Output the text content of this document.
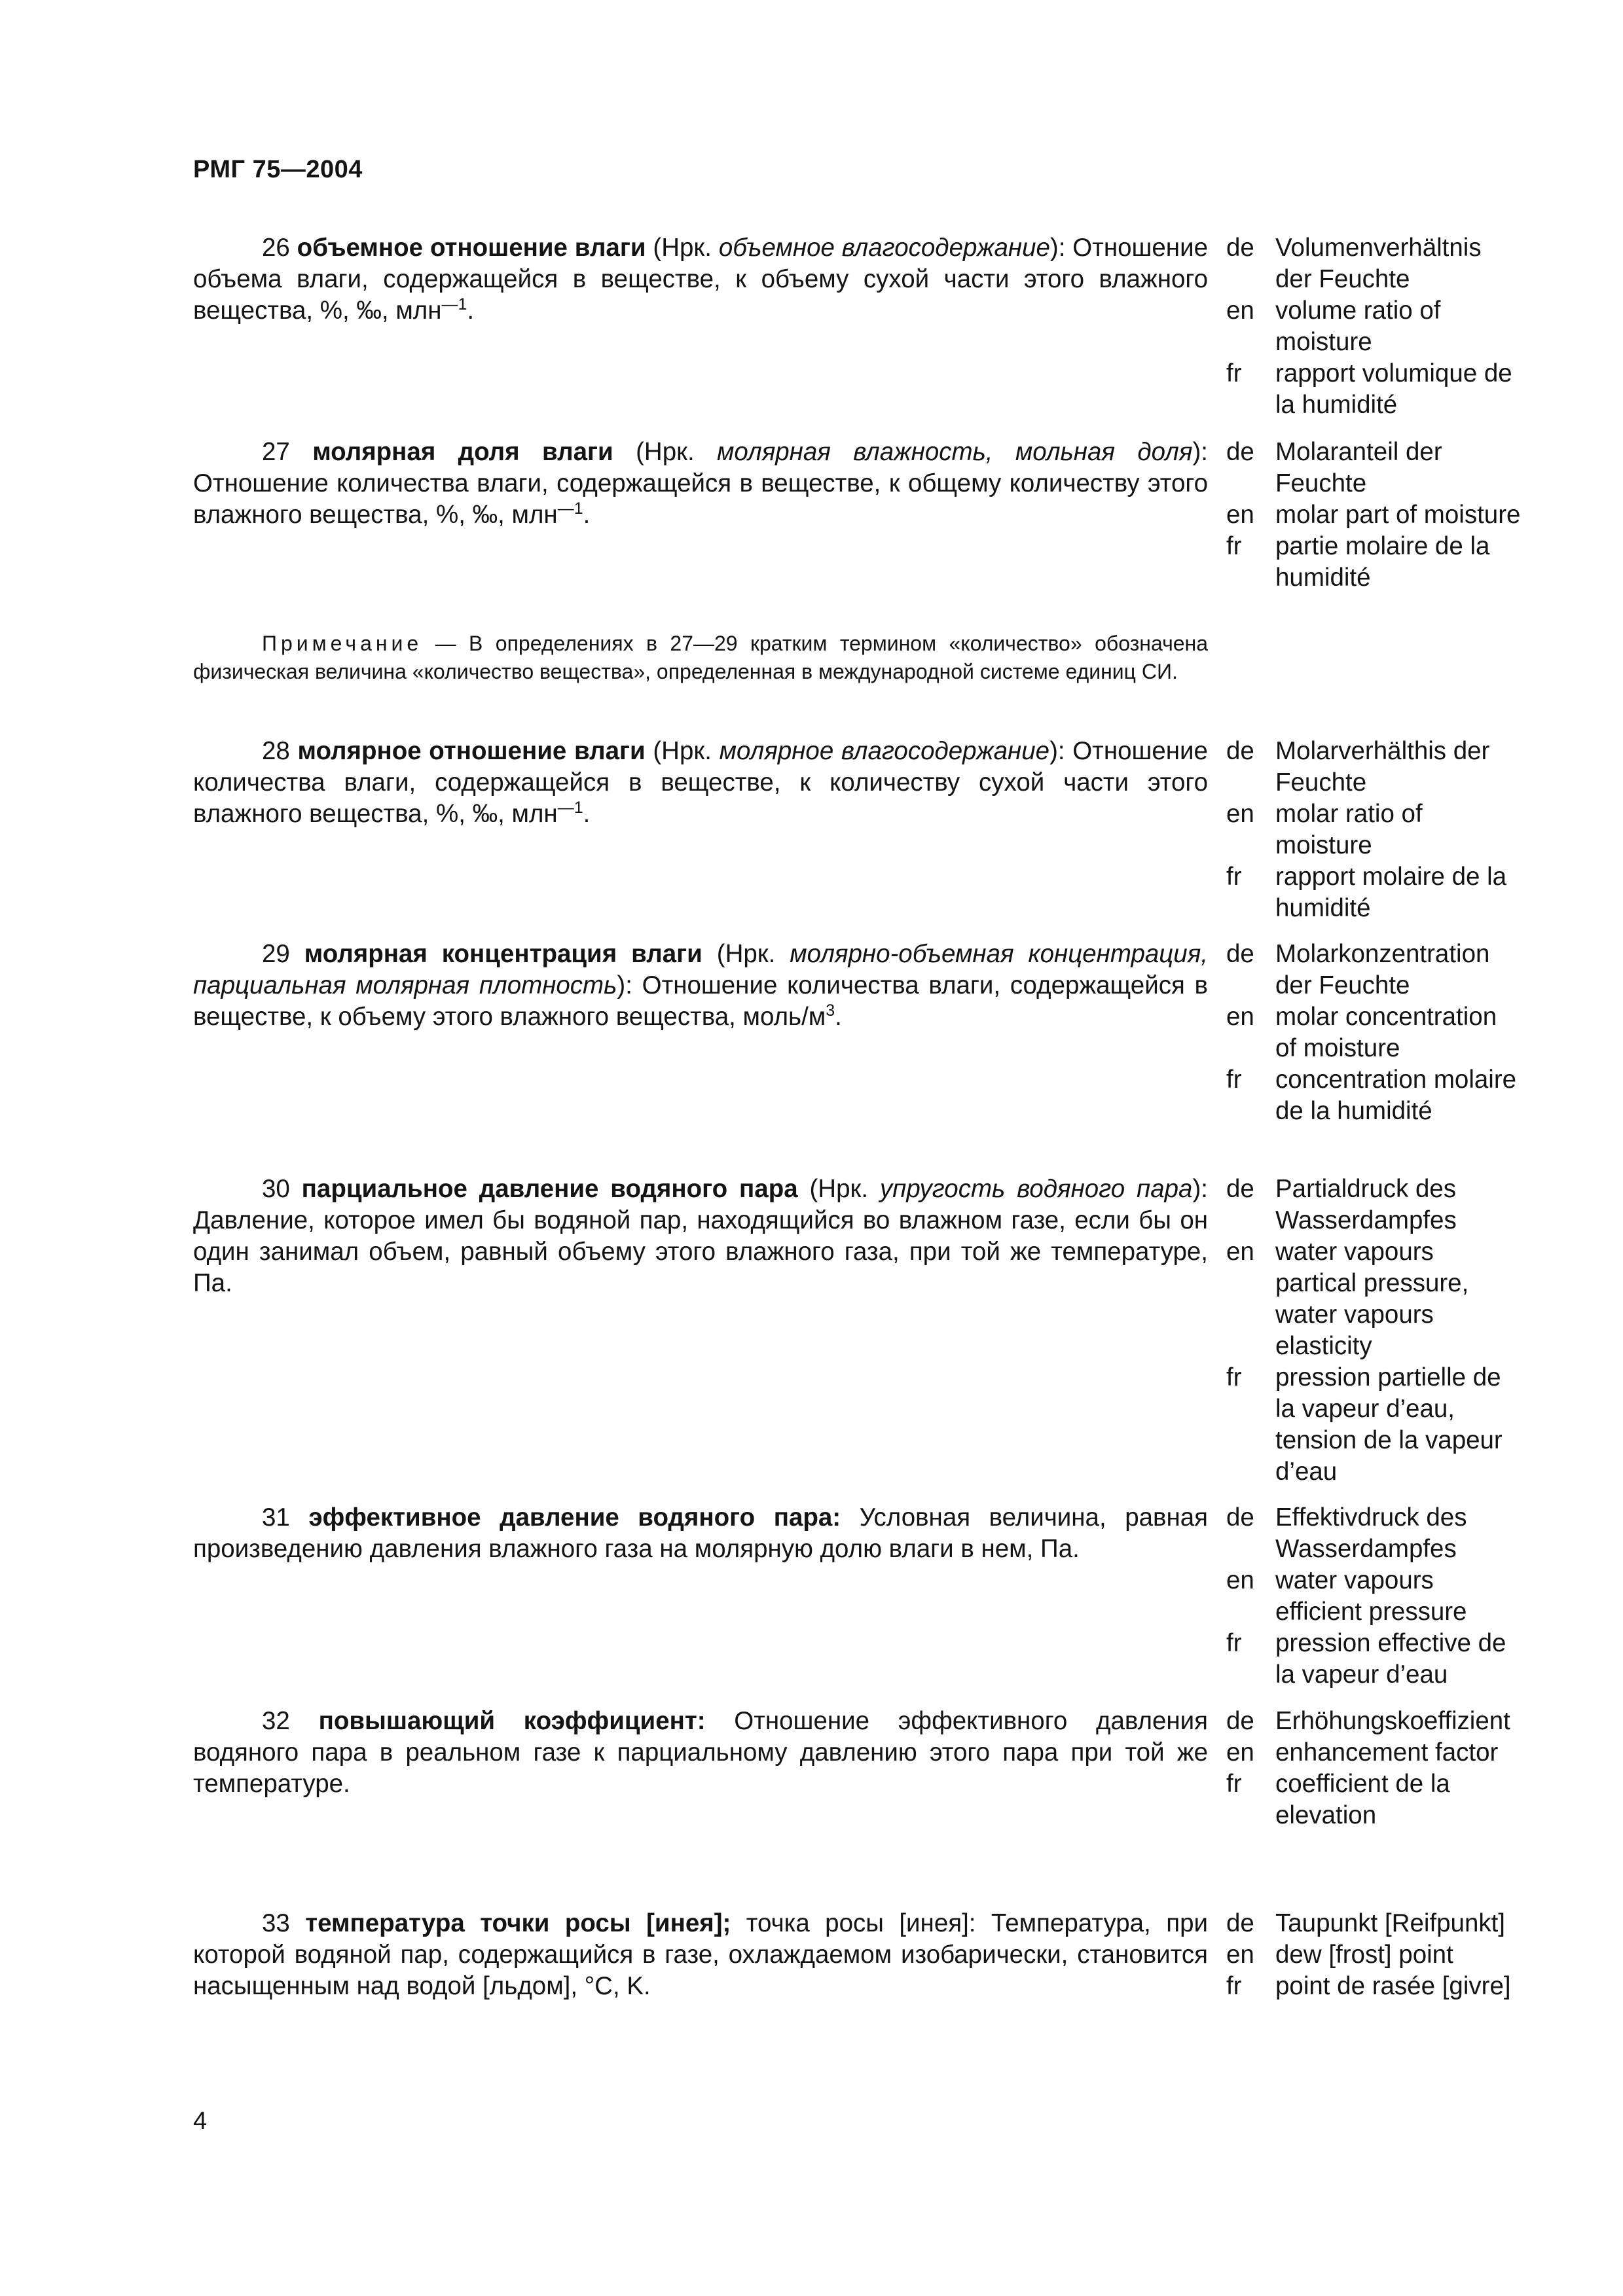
РМГ 75—2004
26 объемное отношение влаги (Нрк. объемное влагосодержание): Отношение объема влаги, содержащейся в веществе, к объему сухой части этого влажного вещества, %, ‰, млн$^{—1}$.
de Volumenverhältnis der Feuchte
en volume ratio of moisture
fr	rapport volumique de la humidité
27 молярная доля влаги (Нрк. молярная влажность, мольная доля): Отношение количества влаги, содержащейся в веществе, к общему количеству этого влажного вещества, %, ‰, млн$^{—1}$.
de Molaranteil der Feuchte
en molar part of moisture
fr	partie molaire de la humidité
Примечание — В определениях в 27—29 кратким термином «количество» обозначена физическая величина «количество вещества», определенная в международной системе единиц СИ.
28 молярное отношение влаги (Нрк. молярное влагосодержание): Отношение количества влаги, содержащейся в веществе, к количеству сухой части этого влажного вещества, %, ‰, млн$^{—1}$.
de Molarverhälthis der Feuchte
en molar ratio of moisture
fr	rapport molaire de la humidité
29 молярная концентрация влаги (Нрк. молярно-объемная концентрация, парциальная молярная плотность): Отношение количества влаги, содержащейся в веществе, к объему этого влажного вещества, моль/$м^3$.
de Molarkonzentration der Feuchte
en molar concentration of moisture
fr	concentration molaire de la humidité
30 парциальное давление водяного пара (Нрк. упругость водяного пара): Давление, которое имел бы водяной пар, находящийся во влажном газе, если бы он один занимал объем, равный объему этого влажного газа, при той же температуре, Па.
de Partialdruck des Wasserdampfes
en water vapours partical pressure, water vapours elasticity
fr	pression partielle de la vapeur d’eau, tension de la vapeur d’eau
31 эффективное давление водяного пара: Условная величина, равная произведению давления влажного газа на молярную долю влаги в нем, Па.
de Effektivdruck des Wasserdampfes
en water vapours efficient pressure
fr	pression effective de la vapeur d’eau
32 повышающий коэффициент: Отношение эффективного давления водяного пара в реальном газе к парциальному давлению этого пара при той же температуре.
de Erhöhungskoeffizient
en enhancement factor
fr	coefficient de la elevation
33 температура точки росы [инея]; точка росы [инея]: Температура, при которой водяной пар, содержащийся в газе, охлаждаемом изобарически, становится насыщенным над водой [льдом], °C, K.
de Taupunkt [Reifpunkt]
en dew [frost] point
fr	point de rasée [givre]
4
